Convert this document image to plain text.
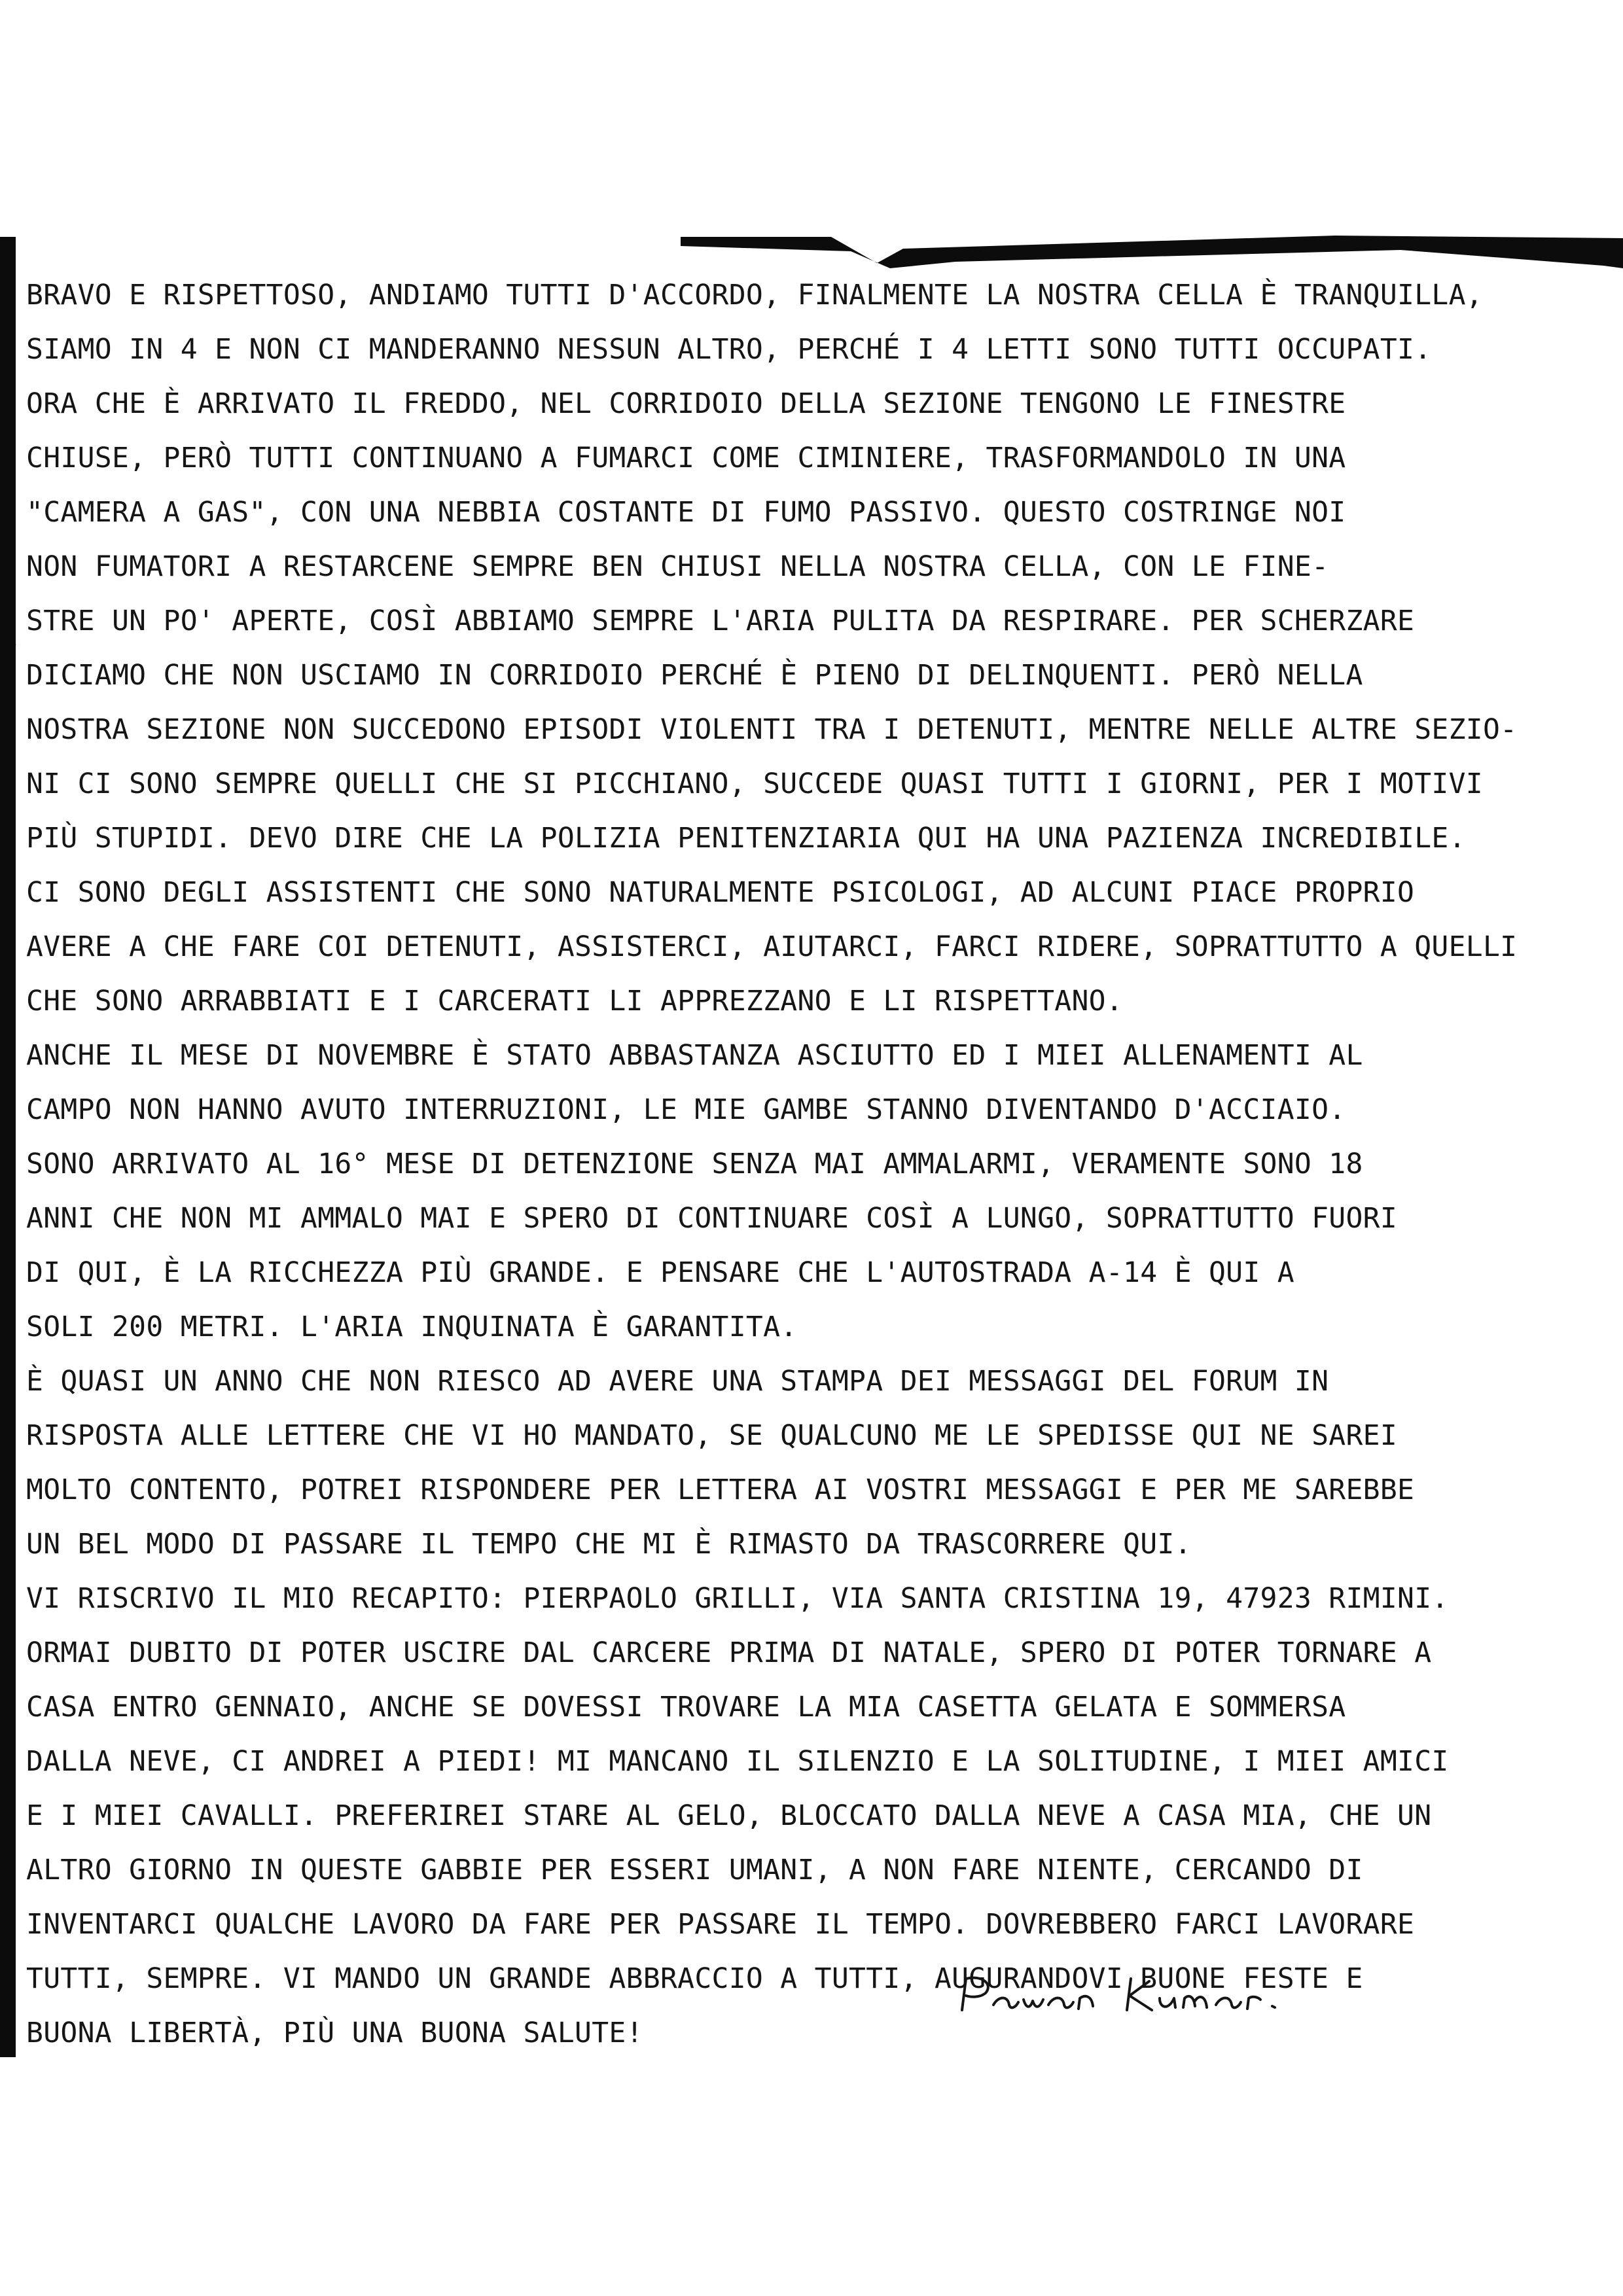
$
4
€

BRAVO E RISPETTOSO, ANDIAMO TUTTI D'ACCORDO, FINALMENTE LA NOSTRA CELLA È TRANQUILLA,

SIAMO IN 4 E NON CI MANDERANNO NESSUN ALTRO, PERCHÉ I 4 LETTI SONO TUTTI OCCUPATI.

ORA CHE È ARRIVATO IL FREDDO, NEL CORRIDOIO DELLA SEZIONE TENGONO LE FINESTRE

CHIUSE, PERÒ TUTTI CONTINUANO A FUMARCI COME CIMINIERE, TRASFORMANDOLO IN UNA

"CAMERA A GAS", CON UNA NEBBIA COSTANTE DI FUMO PASSIVO. QUESTO COSTRINGE NOI

NON FUMATORI A RESTARCENE SEMPRE BEN CHIUSI NELLA NOSTRA CELLA, CON LE FINE-

STRE UN PO' APERTE, COSÌ ABBIAMO SEMPRE L'ARIA PULITA DA RESPIRARE. PER SCHERZARE

DICIAMO CHE NON USCIAMO IN CORRIDOIO PERCHÉ È PIENO DI DELINQUENTI. PERÒ NELLA

NOSTRA SEZIONE NON SUCCEDONO EPISODI VIOLENTI TRA I DETENUTI, MENTRE NELLE ALTRE SEZIO-

NI CI SONO SEMPRE QUELLI CHE SI PICCHIANO, SUCCEDE QUASI TUTTI I GIORNI, PER I MOTIVI

PIÙ STUPIDI. DEVO DIRE CHE LA POLIZIA PENITENZIARIA QUI HA UNA PAZIENZA INCREDIBILE.

CI SONO DEGLI ASSISTENTI CHE SONO NATURALMENTE PSICOLOGI, AD ALCUNI PIACE PROPRIO

AVERE A CHE FARE COI DETENUTI, ASSISTERCI, AIUTARCI, FARCI RIDERE, SOPRATTUTTO A QUELLI

CHE SONO ARRABBIATI E I CARCERATI LI APPREZZANO E LI RISPETTANO.

ANCHE IL MESE DI NOVEMBRE È STATO ABBASTANZA ASCIUTTO ED I MIEI ALLENAMENTI AL

CAMPO NON HANNO AVUTO INTERRUZIONI, LE MIE GAMBE STANNO DIVENTANDO D'ACCIAIO.

SONO ARRIVATO AL 16° MESE DI DETENZIONE SENZA MAI AMMALARMI, VERAMENTE SONO 18

ANNI CHE NON MI AMMALO MAI E SPERO DI CONTINUARE COSÌ A LUNGO, SOPRATTUTTO FUORI

DI QUI, È LA RICCHEZZA PIÙ GRANDE. E PENSARE CHE L'AUTOSTRADA A-14 È QUI A

SOLI 200 METRI. L'ARIA INQUINATA È GARANTITA.

È QUASI UN ANNO CHE NON RIESCO AD AVERE UNA STAMPA DEI MESSAGGI DEL FORUM IN

RISPOSTA ALLE LETTERE CHE VI HO MANDATO, SE QUALCUNO ME LE SPEDISSE QUI NE SAREI

MOLTO CONTENTO, POTREI RISPONDERE PER LETTERA AI VOSTRI MESSAGGI E PER ME SAREBBE

UN BEL MODO DI PASSARE IL TEMPO CHE MI È RIMASTO DA TRASCORRERE QUI.

VI RISCRIVO IL MIO RECAPITO: PIERPAOLO GRILLI, VIA SANTA CRISTINA 19, 47923 RIMINI.

ORMAI DUBITO DI POTER USCIRE DAL CARCERE PRIMA DI NATALE, SPERO DI POTER TORNARE A

CASA ENTRO GENNAIO, ANCHE SE DOVESSI TROVARE LA MIA CASETTA GELATA E SOMMERSA

DALLA NEVE, CI ANDREI A PIEDI! MI MANCANO IL SILENZIO E LA SOLITUDINE, I MIEI AMICI

E I MIEI CAVALLI. PREFERIREI STARE AL GELO, BLOCCATO DALLA NEVE A CASA MIA, CHE UN

ALTRO GIORNO IN QUESTE GABBIE PER ESSERI UMANI, A NON FARE NIENTE, CERCANDO DI

INVENTARCI QUALCHE LAVORO DA FARE PER PASSARE IL TEMPO. DOVREBBERO FARCI LAVORARE

TUTTI, SEMPRE. VI MANDO UN GRANDE ABBRACCIO A TUTTI, AUGURANDOVI BUONE FESTE E

BUONA LIBERTÀ, PIÙ UNA BUONA SALUTE!
